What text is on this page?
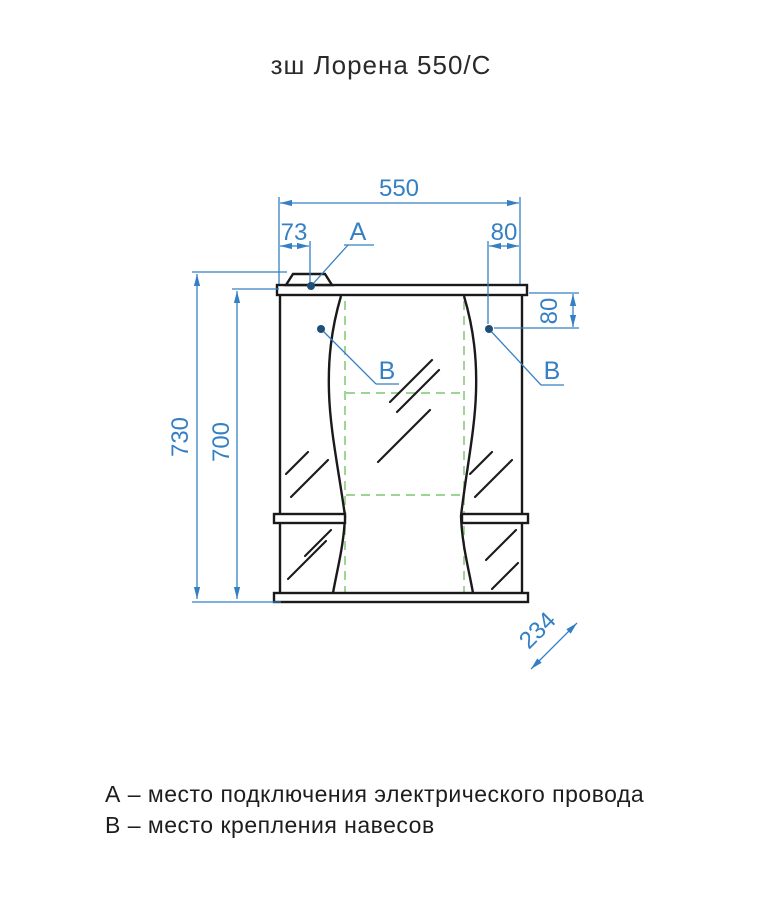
зш Лорена 550/С
550
73	80
80
730 700
234
А
В	В
А – место подключения электрического провода
В – место крепления навесов
